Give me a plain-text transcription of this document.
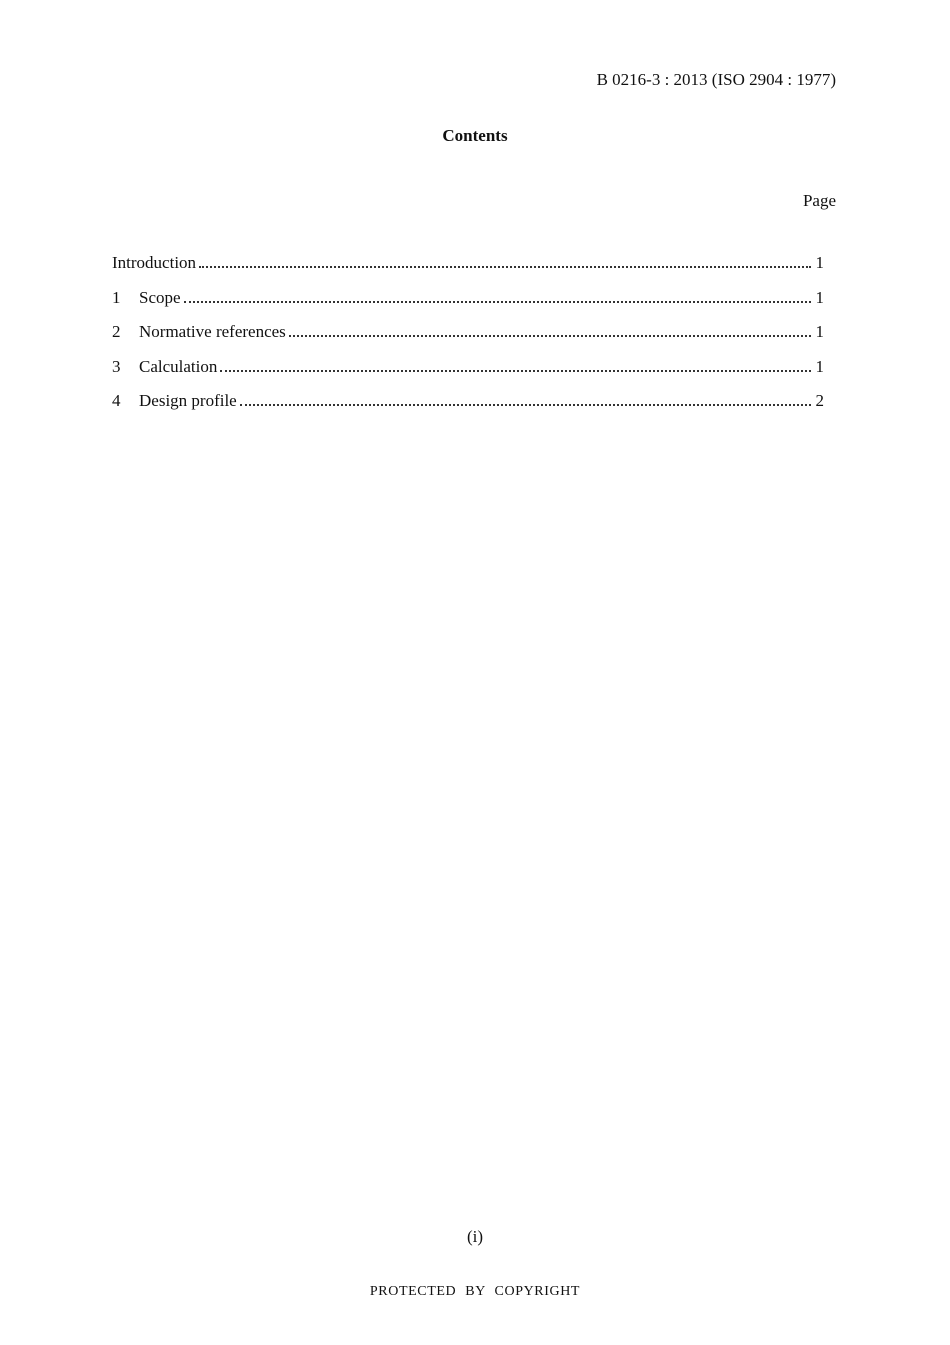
B 0216-3 : 2013 (ISO 2904 : 1977)
Contents
Page
Introduction	1
1	Scope	1
2	Normative references	1
3	Calculation	1
4	Design profile	2
(i)
PROTECTED BY COPYRIGHT
